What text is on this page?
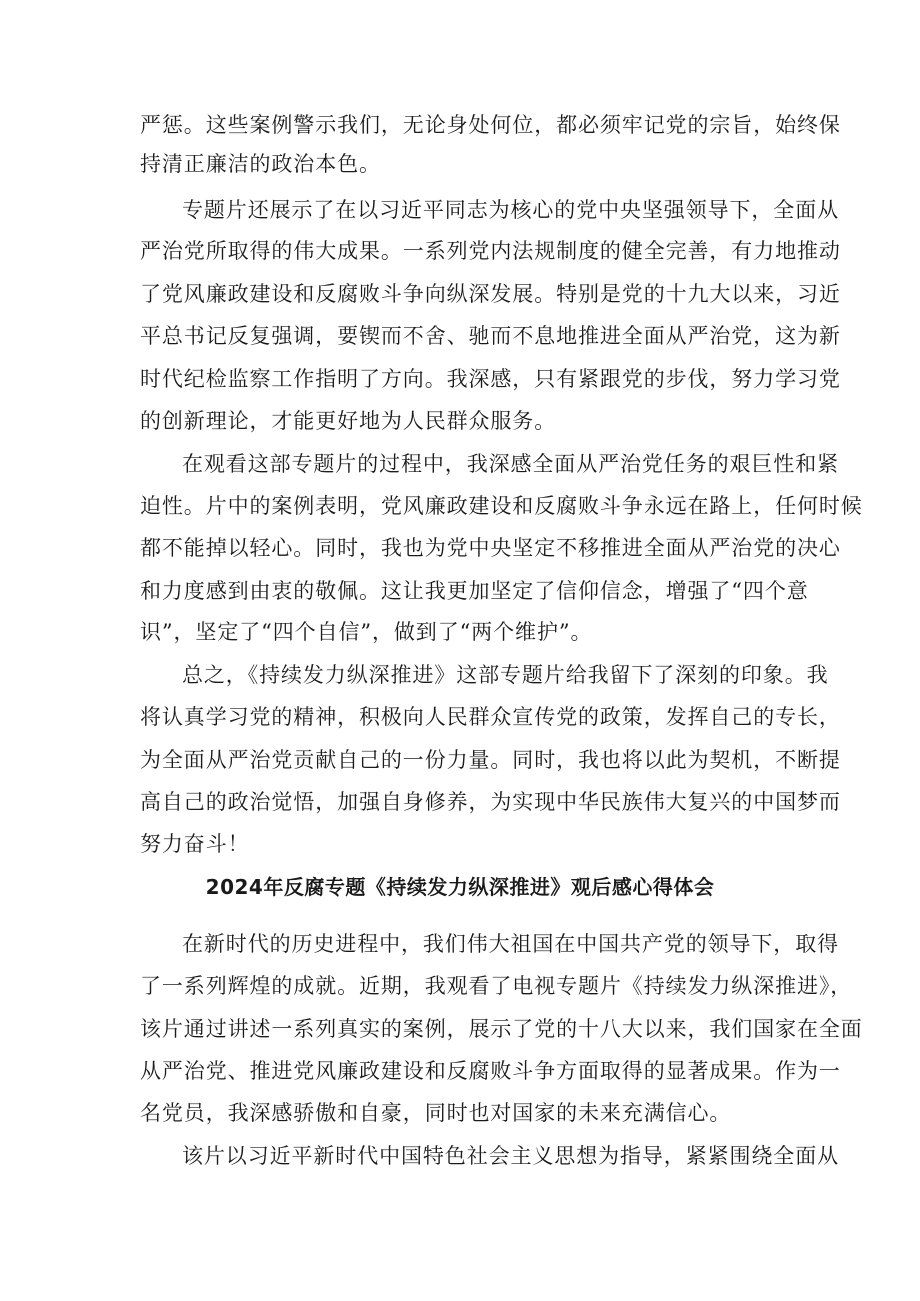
严惩。这些案例警示我们，无论身处何位，都必须牢记党的宗旨，始终保
持清正廉洁的政治本色。
专题片还展示了在以习近平同志为核心的党中央坚强领导下，全面从
严治党所取得的伟大成果。一系列党内法规制度的健全完善，有力地推动
了党风廉政建设和反腐败斗争向纵深发展。特别是党的十九大以来，习近
平总书记反复强调，要锲而不舍、驰而不息地推进全面从严治党，这为新
时代纪检监察工作指明了方向。我深感，只有紧跟党的步伐，努力学习党
的创新理论，才能更好地为人民群众服务。
在观看这部专题片的过程中，我深感全面从严治党任务的艰巨性和紧
迫性。片中的案例表明，党风廉政建设和反腐败斗争永远在路上，任何时候
都不能掉以轻心。同时，我也为党中央坚定不移推进全面从严治党的决心
和力度感到由衷的敬佩。这让我更加坚定了信仰信念，增强了“四个意
识”，坚定了“四个自信”，做到了“两个维护”。
总之，《持续发力纵深推进》这部专题片给我留下了深刻的印象。我
将认真学习党的精神，积极向人民群众宣传党的政策，发挥自己的专长，
为全面从严治党贡献自己的一份力量。同时，我也将以此为契机，不断提
高自己的政治觉悟，加强自身修养，为实现中华民族伟大复兴的中国梦而
努力奋斗！
2024年反腐专题《持续发力纵深推进》观后感心得体会
在新时代的历史进程中，我们伟大祖国在中国共产党的领导下，取得
了一系列辉煌的成就。近期，我观看了电视专题片《持续发力纵深推进》，
该片通过讲述一系列真实的案例，展示了党的十八大以来，我们国家在全面
从严治党、推进党风廉政建设和反腐败斗争方面取得的显著成果。作为一
名党员，我深感骄傲和自豪，同时也对国家的未来充满信心。
该片以习近平新时代中国特色社会主义思想为指导，紧紧围绕全面从
